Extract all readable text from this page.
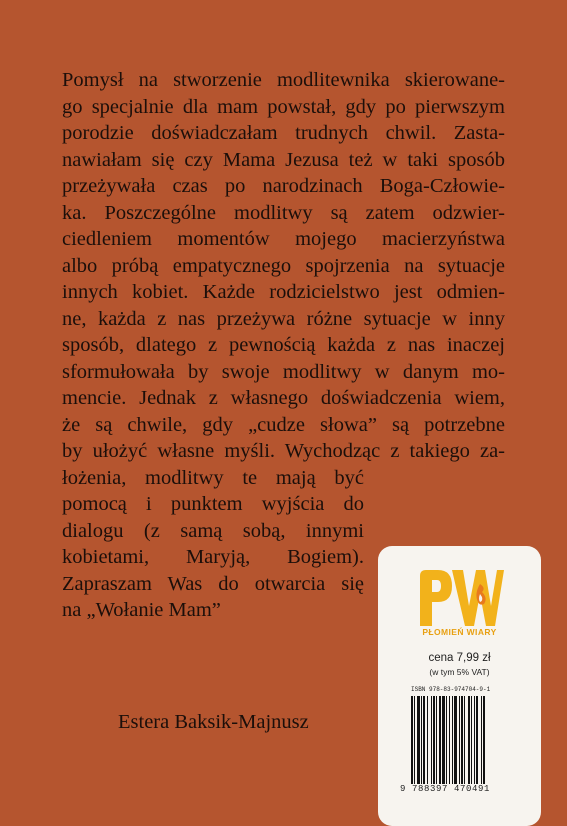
Pomysł na stworzenie modlitewnika skierowane-
go specjalnie dla mam powstał, gdy po pierwszym
porodzie doświadczałam trudnych chwil. Zasta-
nawiałam się czy Mama Jezusa też w taki sposób
przeżywała czas po narodzinach Boga-Człowie-
ka. Poszczególne modlitwy są zatem odzwier-
ciedleniem momentów mojego macierzyństwa
albo próbą empatycznego spojrzenia na sytuacje
innych kobiet. Każde rodzicielstwo jest odmien-
ne, każda z nas przeżywa różne sytuacje w inny
sposób, dlatego z pewnością każda z nas inaczej
sformułowała by swoje modlitwy w danym mo-
mencie. Jednak z własnego doświadczenia wiem,
że są chwile, gdy „cudze słowa” są potrzebne
by ułożyć własne myśli. Wychodząc z takiego za-
łożenia, modlitwy te mają być
pomocą i punktem wyjścia do
dialogu (z samą sobą, innymi
kobietami, Maryją, Bogiem).
Zapraszam Was do otwarcia się
na „Wołanie Mam”
Estera Baksik-Majnusz
PŁOMIEŃ WIARY
cena 7,99 zł
(w tym 5% VAT)
ISBN 978-83-974704-9-1
9 788397 470491
